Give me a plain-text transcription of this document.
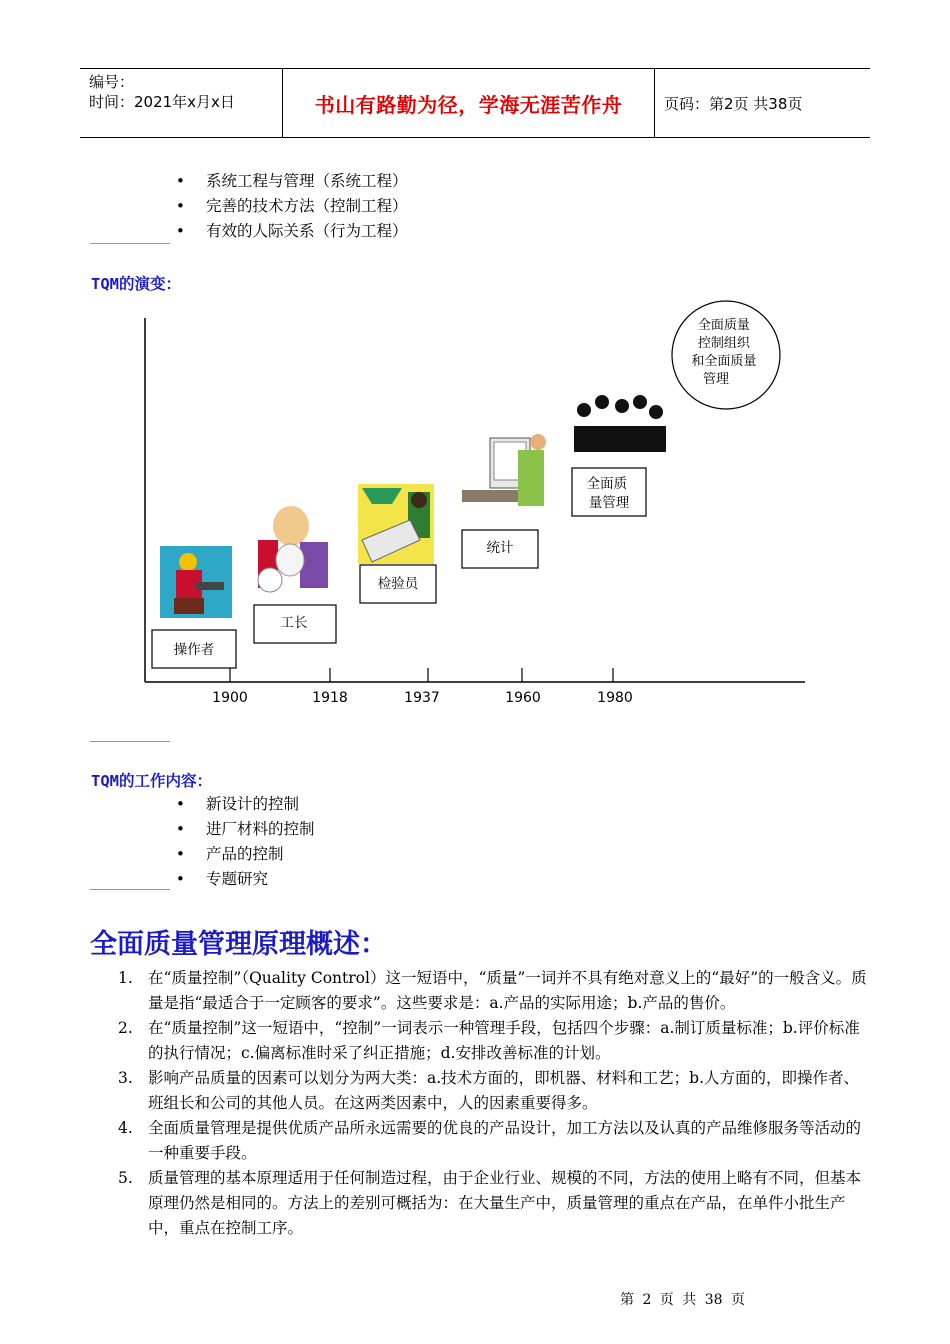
编号：
时间：2021年x月x日	书山有路勤为径，学海无涯苦作舟	页码：第2页 共38页
• 系统工程与管理（系统工程）
• 完善的技术方法（控制工程）
• 有效的人际关系（行为工程）
TQM的演变：
1900	1918	1937	1960	1980
操作者
工长
检验员
统计
全面质 量管理
全面质量 控制组织 和全面质量 管理
TQM的工作内容：
• 新设计的控制
• 进厂材料的控制
• 产品的控制
• 专题研究
全面质量管理原理概述：
1. 在“质量控制”（Quality Control）这一短语中，“质量”一词并不具有绝对意义上的“最好”的一般含义。质量是指“最适合于一定顾客的要求”。这些要求是：a.产品的实际用途；b.产品的售价。
2. 在“质量控制”这一短语中，“控制”一词表示一种管理手段，包括四个步骤：a.制订质量标准；b.评价标准的执行情况；c.偏离标准时采了纠正措施；d.安排改善标准的计划。
3. 影响产品质量的因素可以划分为两大类：a.技术方面的，即机器、材料和工艺；b.人方面的，即操作者、班组长和公司的其他人员。在这两类因素中，人的因素重要得多。
4. 全面质量管理是提供优质产品所永远需要的优良的产品设计，加工方法以及认真的产品维修服务等活动的一种重要手段。
5. 质量管理的基本原理适用于任何制造过程，由于企业行业、规模的不同，方法的使用上略有不同，但基本原理仍然是相同的。方法上的差别可概括为：在大量生产中，质量管理的重点在产品，在单件小批生产中，重点在控制工序。
第 2 页 共 38 页
